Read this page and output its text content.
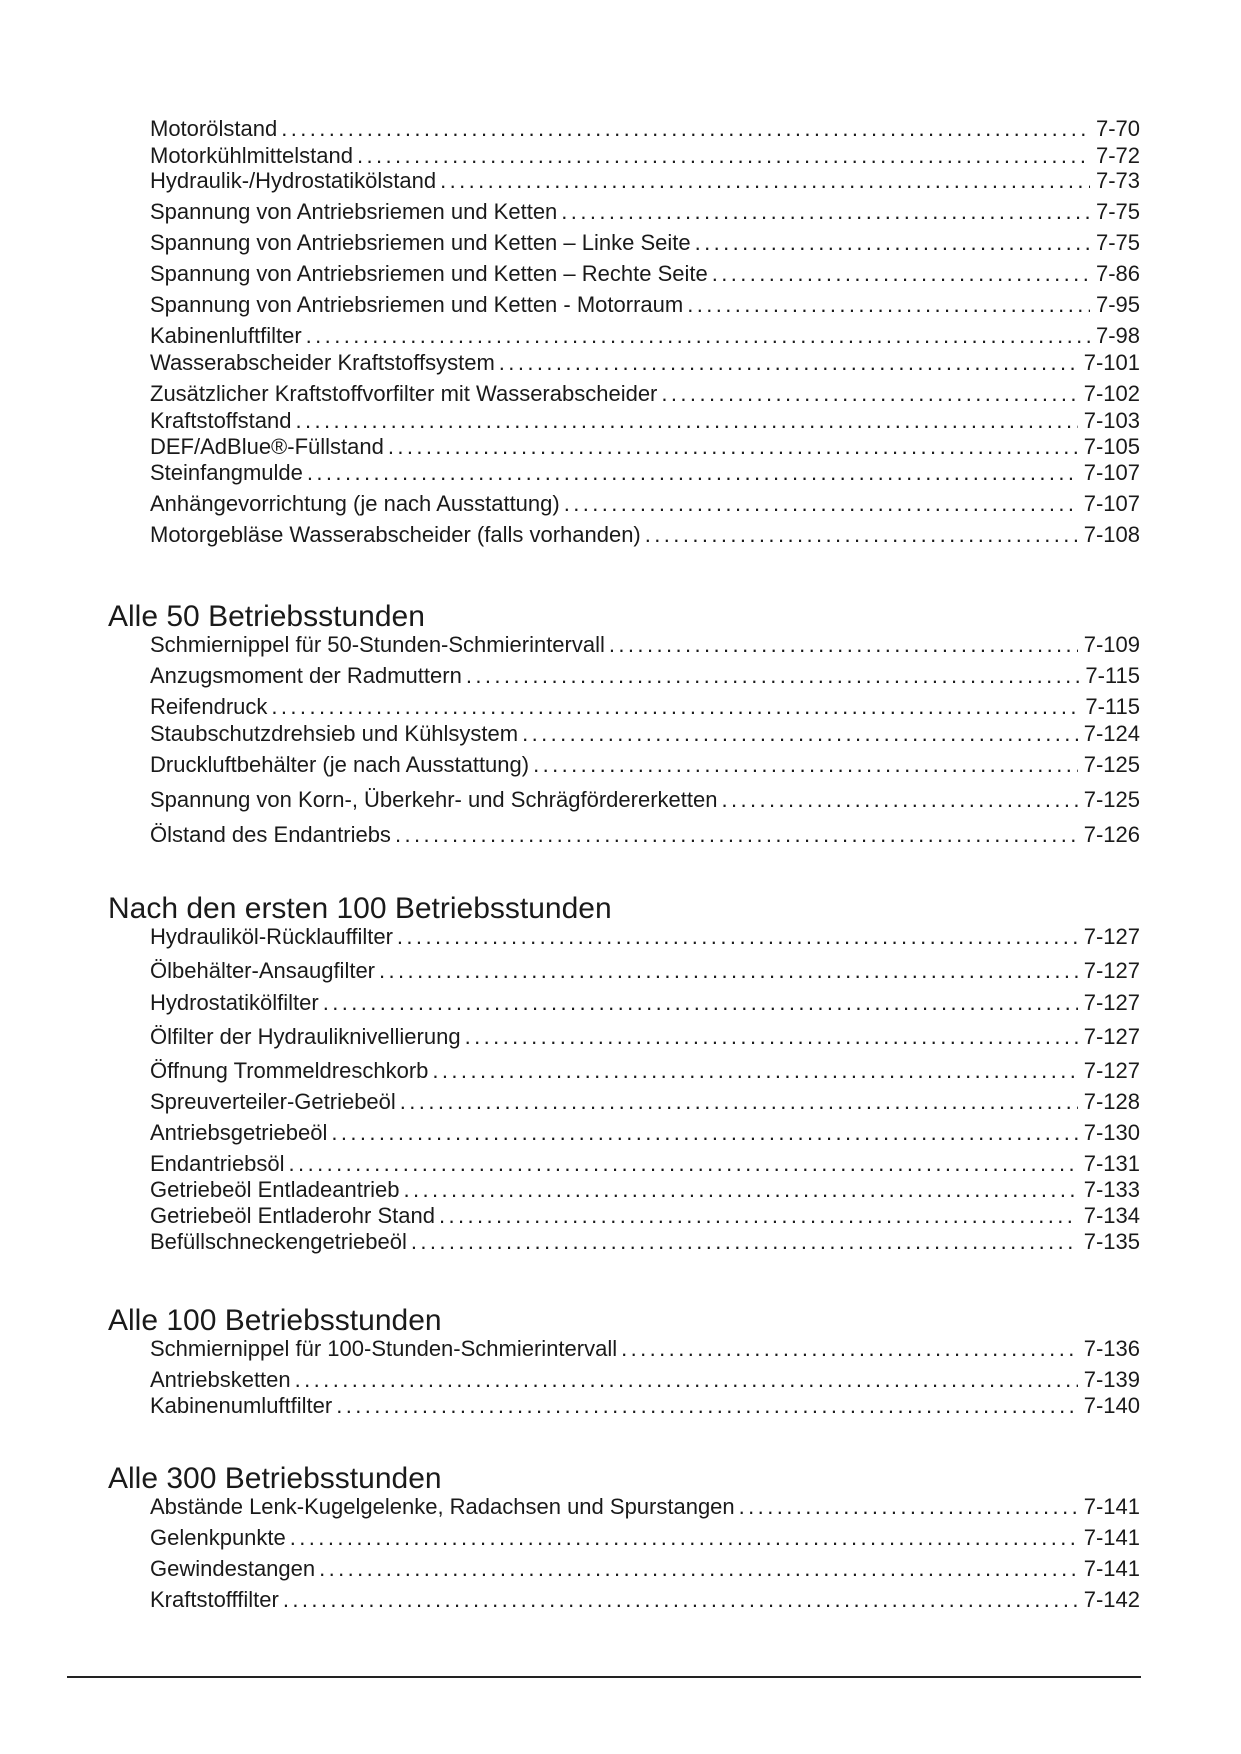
Motorölstand .....	7-70
Motorkühlmittelstand .....	7-72
Hydraulik-/Hydrostatikölstand .....	7-73
Spannung von Antriebsriemen und Ketten .....	7-75
Spannung von Antriebsriemen und Ketten – Linke Seite .....	7-75
Spannung von Antriebsriemen und Ketten – Rechte Seite .....	7-86
Spannung von Antriebsriemen und Ketten - Motorraum .....	7-95
Kabinenluftfilter .....	7-98
Wasserabscheider Kraftstoffsystem .....	7-101
Zusätzlicher Kraftstoffvorfilter mit Wasserabscheider .....	7-102
Kraftstoffstand .....	7-103
DEF/AdBlue®-Füllstand .....	7-105
Steinfangmulde .....	7-107
Anhängevorrichtung (je nach Ausstattung) .....	7-107
Motorgebläse Wasserabscheider (falls vorhanden) .....	7-108
Alle 50 Betriebsstunden
Schmiernippel für 50-Stunden-Schmierintervall .....	7-109
Anzugsmoment der Radmuttern .....	7-115
Reifendruck .....	7-115
Staubschutzdrehsieb und Kühlsystem .....	7-124
Druckluftbehälter (je nach Ausstattung) .....	7-125
Spannung von Korn-, Überkehr- und Schrägfördererketten .....	7-125
Ölstand des Endantriebs .....	7-126
Nach den ersten 100 Betriebsstunden
Hydrauliköl-Rücklauffilter .....	7-127
Ölbehälter-Ansaugfilter .....	7-127
Hydrostatikölfilter .....	7-127
Ölfilter der Hydrauliknivellierung .....	7-127
Öffnung Trommeldreschkorb .....	7-127
Spreuverteiler-Getriebeöl .....	7-128
Antriebsgetriebeöl .....	7-130
Endantriebsöl .....	7-131
Getriebeöl Entladeantrieb .....	7-133
Getriebeöl Entladerohr Stand .....	7-134
Befüllschneckengetriebeöl .....	7-135
Alle 100 Betriebsstunden
Schmiernippel für 100-Stunden-Schmierintervall .....	7-136
Antriebsketten .....	7-139
Kabinenumluftfilter .....	7-140
Alle 300 Betriebsstunden
Abstände Lenk-Kugelgelenke, Radachsen und Spurstangen .....	7-141
Gelenkpunkte .....	7-141
Gewindestangen .....	7-141
Kraftstofffilter .....	7-142
